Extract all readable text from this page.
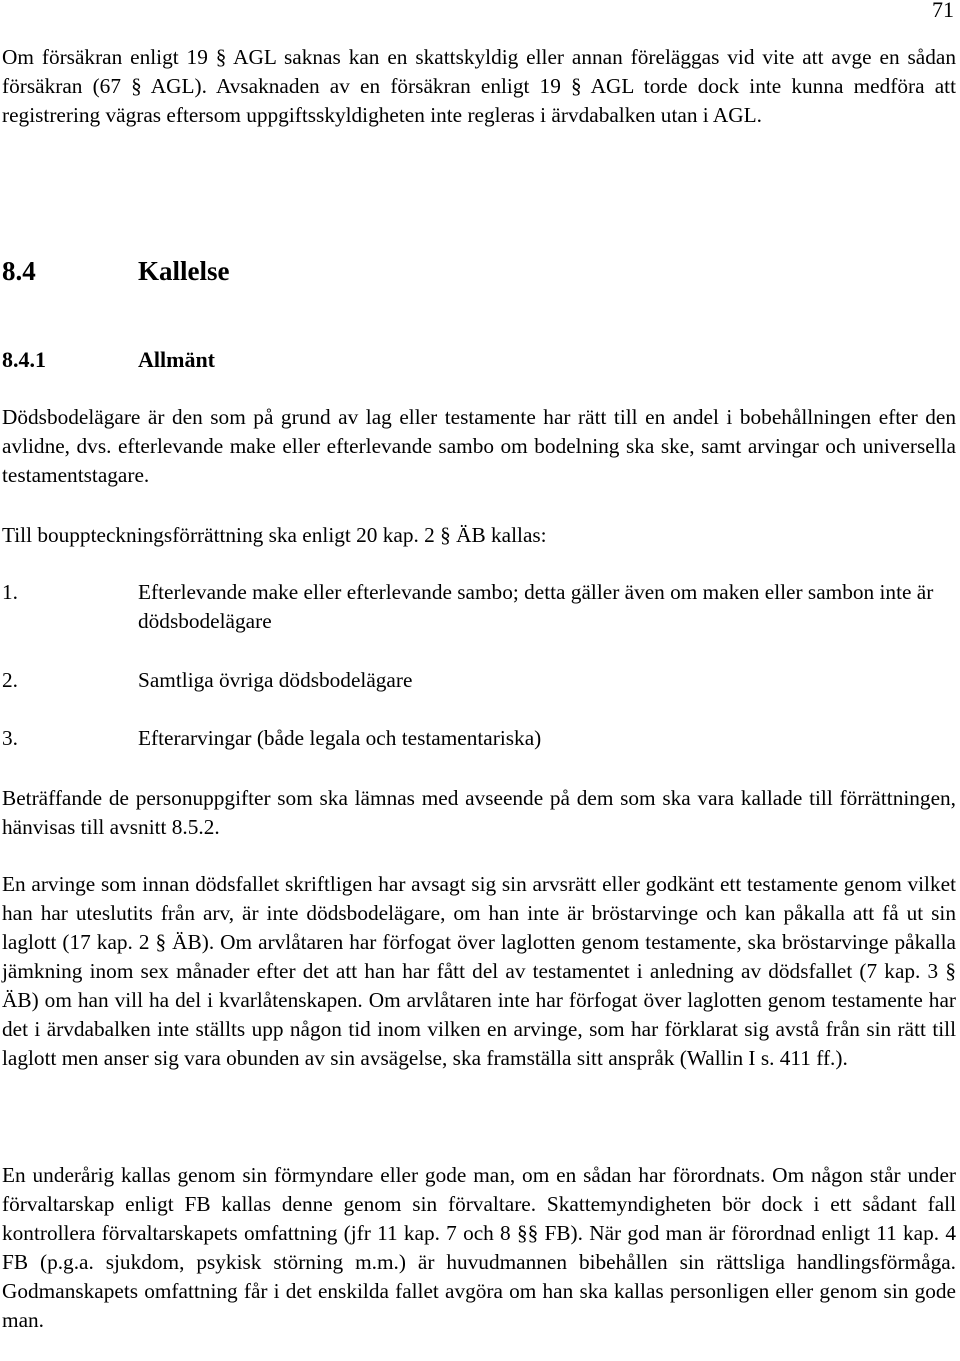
71

Om försäkran enligt 19 § AGL saknas kan en skattskyldig eller annan föreläggas vid vite att avge en sådan försäkran (67 § AGL). Avsaknaden av en försäkran enligt 19 § AGL torde dock inte kunna medföra att registrering vägras eftersom uppgiftsskyldigheten inte regleras i ärvdabalken utan i AGL.

8.4	Kallelse
8.4.1	Allmänt

Dödsbodelägare är den som på grund av lag eller testamente har rätt till en andel i bobehållningen efter den avlidne, dvs. efterlevande make eller efterlevande sambo om bodelning ska ske, samt arvingar och universella testamentstagare.

Till bouppteckningsförrättning ska enligt 20 kap. 2 § ÄB kallas:

1.	Efterlevande make eller efterlevande sambo; detta gäller även om maken eller sambon inte är dödsbodelägare
2.	Samtliga övriga dödsbodelägare
3.	Efterarvingar (både legala och testamentariska)

Beträffande de personuppgifter som ska lämnas med avseende på dem som ska vara kallade till förrättningen, hänvisas till avsnitt 8.5.2.

En arvinge som innan dödsfallet skriftligen har avsagt sig sin arvsrätt eller godkänt ett testamente genom vilket han har uteslutits från arv, är inte dödsbodelägare, om han inte är bröstarvinge och kan påkalla att få ut sin laglott (17 kap. 2 § ÄB). Om arvlåtaren har förfogat över laglotten genom testamente, ska bröstarvinge påkalla jämkning inom sex månader efter det att han har fått del av testamentet i anledning av dödsfallet (7 kap. 3 § ÄB) om han vill ha del i kvarlåtenskapen. Om arvlåtaren inte har förfogat över laglotten genom testamente har det i ärvdabalken inte ställts upp någon tid inom vilken en arvinge, som har förklarat sig avstå från sin rätt till laglott men anser sig vara obunden av sin avsägelse, ska framställa sitt anspråk (Wallin I s. 411 ff.).

En underårig kallas genom sin förmyndare eller gode man, om en sådan har förordnats. Om någon står under förvaltarskap enligt FB kallas denne genom sin förvaltare. Skattemyndigheten bör dock i ett sådant fall kontrollera förvaltarskapets omfattning (jfr 11 kap. 7 och 8 §§ FB). När god man är förordnad enligt 11 kap. 4 FB (p.g.a. sjukdom, psykisk störning m.m.) är huvudmannen bibehållen sin rättsliga handlingsförmåga. Godmanskapets omfattning får i det enskilda fallet avgöra om han ska kallas personligen eller genom sin gode man.
